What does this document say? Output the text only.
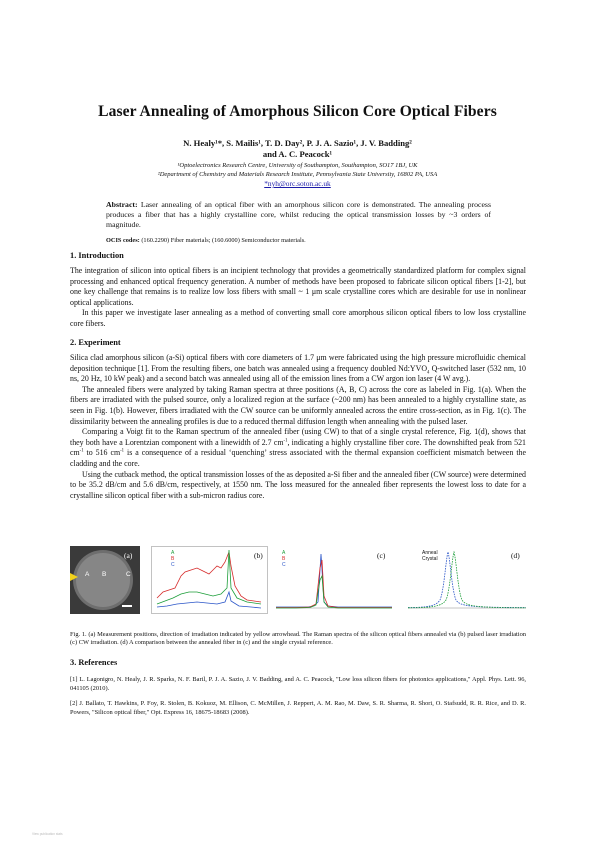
Laser Annealing of Amorphous Silicon Core Optical Fibers
N. Healy¹*, S. Mailis¹, T. D. Day², P. J. A. Sazio¹, J. V. Badding²
and A. C. Peacock¹
¹Optoelectronics Research Centre, University of Southampton, Southampton, SO17 1BJ, UK
²Department of Chemistry and Materials Research Institute, Pennsylvania State University, 16802 PA, USA
*nyh@orc.soton.ac.uk
Abstract: Laser annealing of an optical fiber with an amorphous silicon core is demonstrated. The annealing process produces a fiber that has a highly crystalline core, whilst reducing the optical transmission losses by ~3 orders of magnitude.
OCIS codes: (160.2290) Fiber materials; (160.6000) Semiconductor materials.
1. Introduction

The integration of silicon into optical fibers is an incipient technology that provides a geometrically standardized platform for complex signal processing and enhanced optical frequency generation. A number of methods have been proposed to fabricate silicon optical fibers [1-2], but one key challenge that remains is to realize low loss fibers with small ~ 1 μm scale crystalline cores which are desirable for use in nonlinear optical applications.

In this paper we investigate laser annealing as a method of converting small core amorphous silicon optical fibers to low loss crystalline core fibers.

2. Experiment

Silica clad amorphous silicon (a-Si) optical fibers with core diameters of 1.7 μm were fabricated using the high pressure microfluidic chemical deposition technique [1]. From the resulting fibers, one batch was annealed using a frequency doubled $Nd:YVO_4$ Q-switched laser (532 nm, 10 ns, 20 Hz, 10 kW peak) and a second batch was annealed using all of the emission lines from a CW argon ion laser (4 W avg.).

The annealed fibers were analyzed by taking Raman spectra at three positions (A, B, C) across the core as labeled in Fig. 1(a). When the fibers are irradiated with the pulsed source, only a localized region at the surface (~200 nm) has been annealed to a highly crystalline state, as seen in Fig. 1(b). However, fibers irradiated with the CW source can be uniformly annealed across the entire cross-section, as in Fig. 1(c). The dissimilarity between the annealing profiles is due to a reduced thermal diffusion length when annealing with the pulsed laser.

Comparing a Voigt fit to the Raman spectrum of the annealed fiber (using CW) to that of a single crystal reference, Fig. 1(d), shows that they both have a Lorentzian component with a linewidth of 2.7 $cm^{-1}$, indicating a highly crystalline fiber core. The downshifted peak from 521 $cm^{-1}$ to 516 $cm^{-1}$ is a consequence of a residual ‘quenching’ stress associated with the thermal expansion coefficient mismatch between the cladding and the core.

Using the cutback method, the optical transmission losses of the as deposited a-Si fiber and the annealed fiber (CW source) were determined to be 35.2 dB/cm and 5.6 dB/cm, respectively, at 1550 nm. The loss measured for the annealed fiber represents the lowest loss to date for a crystalline silicon optical fiber with a sub-micron radius core.

(a)
A B	C
(b)
A
B
C
(c)
A
B
C
(d)
Anneal
Crystal
Fig. 1. (a) Measurement positions, direction of irradiation indicated by yellow arrowhead. The Raman spectra of the silicon optical fibers annealed via (b) pulsed laser irradiation (c) CW irradiation. (d) A comparison between the annealed fiber in (c) and the single crystal reference.
3. References
[1] L. Lagonigro, N. Healy, J. R. Sparks, N. F. Baril, P. J. A. Sazio, J. V. Badding, and A. C. Peacock, "Low loss silicon fibers for photonics applications," Appl. Phys. Lett. 96, 041105 (2010).
[2] J. Ballato, T. Hawkins, P. Foy, R. Stolen, B. Kokuoz, M. Ellison, C. McMillen, J. Reppert, A. M. Rao, M. Daw, S. R. Sharma, R. Shori, O. Stafsudd, R. R. Rice, and D. R. Powers, "Silicon optical fiber," Opt. Express 16, 18675-18683 (2008).
View publication stats
